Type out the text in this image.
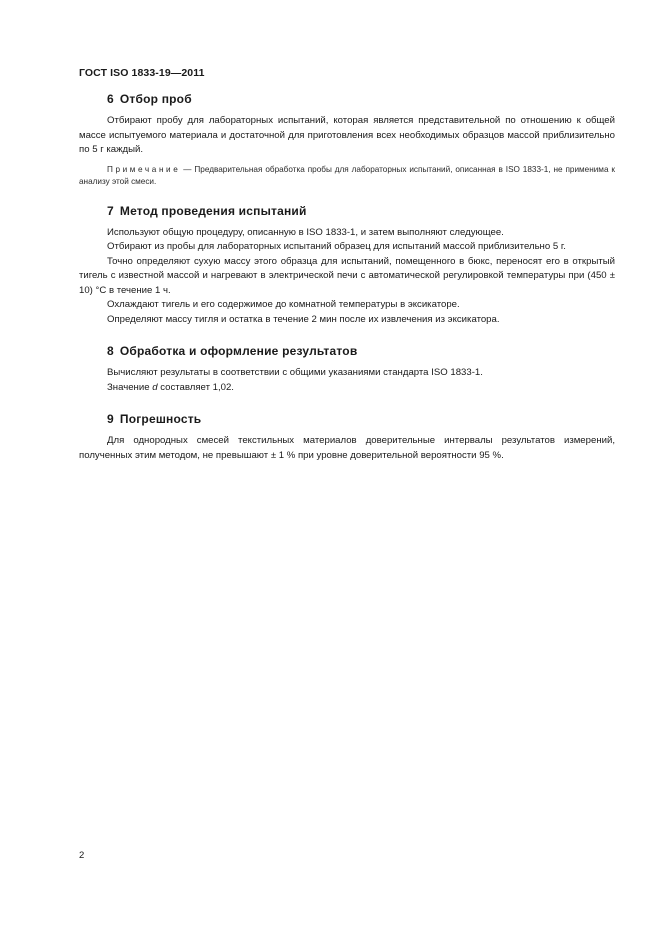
ГОСТ ISO 1833-19—2011
6 Отбор проб

Отбирают пробу для лабораторных испытаний, которая является представительной по отношению к общей массе испытуемого материала и достаточной для приготовления всех необходимых образцов массой приблизительно по 5 г каждый.

Примечание — Предварительная обработка пробы для лабораторных испытаний, описанная в ISO 1833-1, не применима к анализу этой смеси.

7 Метод проведения испытаний

Используют общую процедуру, описанную в ISO 1833-1, и затем выполняют следующее.

Отбирают из пробы для лабораторных испытаний образец для испытаний массой приблизительно 5 г.

Точно определяют сухую массу этого образца для испытаний, помещенного в бюкс, переносят его в открытый тигель с известной массой и нагревают в электрической печи с автоматической регулировкой температуры при (450 ± 10) °С в течение 1 ч.

Охлаждают тигель и его содержимое до комнатной температуры в эксикаторе.

Определяют массу тигля и остатка в течение 2 мин после их извлечения из эксикатора.

8 Обработка и оформление результатов

Вычисляют результаты в соответствии с общими указаниями стандарта ISO 1833-1.

Значение d составляет 1,02.

9 Погрешность

Для однородных смесей текстильных материалов доверительные интервалы результатов измерений, полученных этим методом, не превышают ± 1 % при уровне доверительной вероятности 95 %.

2
